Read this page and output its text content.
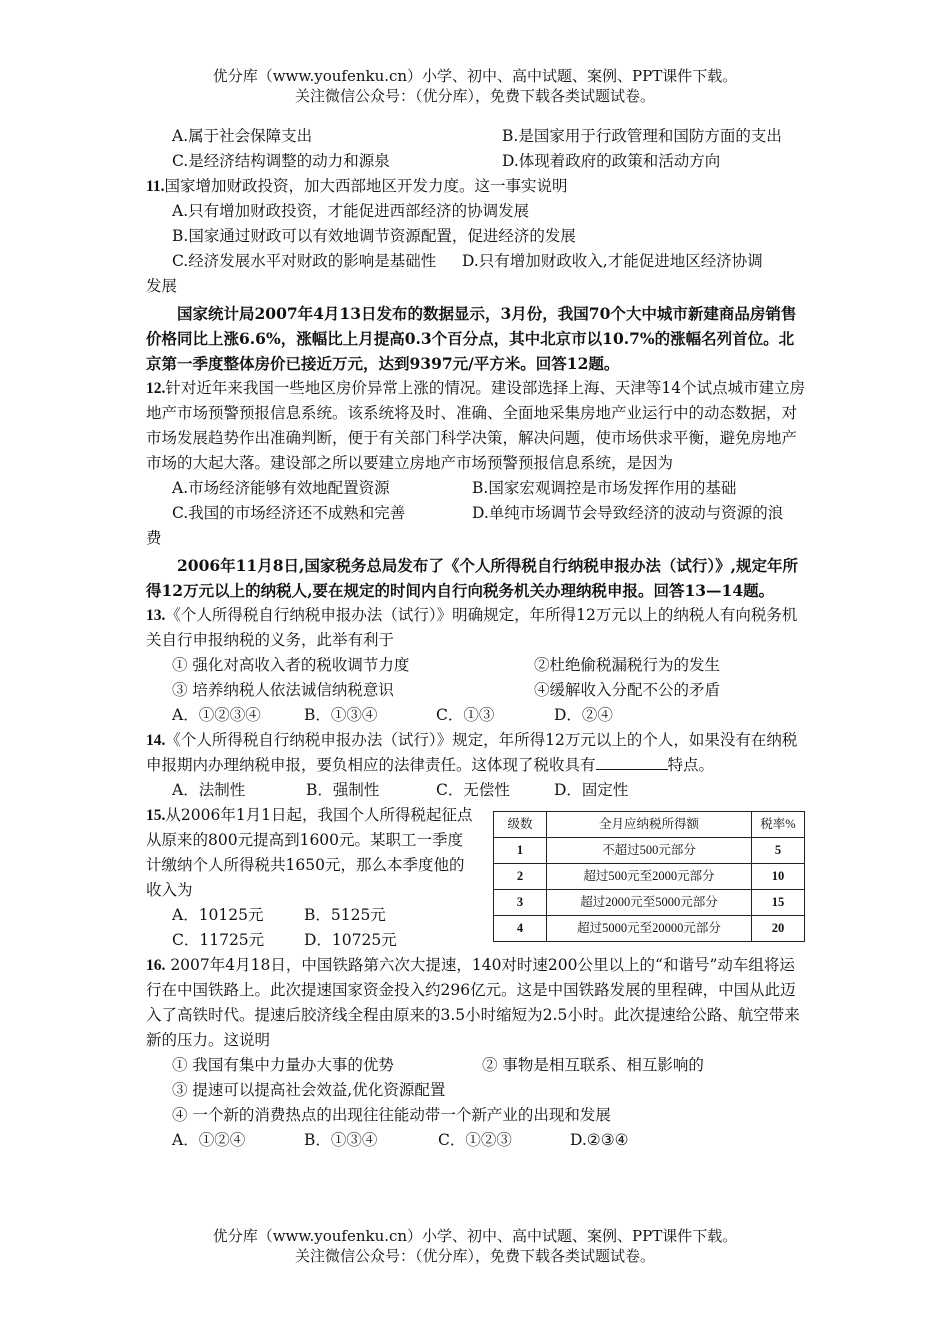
优分库（www.youfenku.cn）小学、初中、高中试题、案例、PPT课件下载。
关注微信公众号：（优分库），免费下载各类试题试卷。
A.属于社会保障支出	B.是国家用于行政管理和国防方面的支出
C.是经济结构调整的动力和源泉	D.体现着政府的政策和活动方向

11.国家增加财政投资，加大西部地区开发力度。这一事实说明

A.只有增加财政投资，才能促进西部经济的协调发展

B.国家通过财政可以有效地调节资源配置，促进经济的发展

C.经济发展水平对财政的影响是基础性	D.只有增加财政收入,才能促进地区经济协调

发展

国家统计局2007年4月13日发布的数据显示，3月份，我国70个大中城市新建商品房销售价格同比上涨6.6%，涨幅比上月提高0.3个百分点，其中北京市以10.7%的涨幅名列首位。北京第一季度整体房价已接近万元，达到9397元/平方米。回答12题。

12.针对近年来我国一些地区房价异常上涨的情况。建设部选择上海、天津等14个试点城市建立房地产市场预警预报信息系统。该系统将及时、准确、全面地采集房地产业运行中的动态数据，对市场发展趋势作出准确判断，便于有关部门科学决策，解决问题，使市场供求平衡，避免房地产市场的大起大落。建设部之所以要建立房地产市场预警预报信息系统，是因为

A.市场经济能够有效地配置资源	B.国家宏观调控是市场发挥作用的基础
C.我国的市场经济还不成熟和完善	D.单纯市场调节会导致经济的波动与资源的浪

费

2006年11月8日,国家税务总局发布了《个人所得税自行纳税申报办法（试行）》,规定年所得12万元以上的纳税人,要在规定的时间内自行向税务机关办理纳税申报。回答13—14题。

13.《个人所得税自行纳税申报办法（试行）》明确规定，年所得12万元以上的纳税人有向税务机关自行申报纳税的义务，此举有利于

① 强化对高收入者的税收调节力度	②杜绝偷税漏税行为的发生
③ 培养纳税人依法诚信纳税意识	④缓解收入分配不公的矛盾
A．①②③④	B．①③④	C．①③	D．②④

14.《个人所得税自行纳税申报办法（试行）》规定，年所得12万元以上的个人，如果没有在纳税申报期内办理纳税申报，要负相应的法律责任。这体现了税收具有	特点。

A．法制性	B．强制性	C．无偿性	D．固定性

15.从2006年1月1日起，我国个人所得税起征点从原来的800元提高到1600元。某职工一季度计缴纳个人所得税共1650元，那么本季度他的收入为

A．10125元	B．5125元
C．11725元	D．10725元
级数	全月应纳税所得额	税率%
1	不超过500元部分	5
2	超过500元至2000元部分	10
3	超过2000元至5000元部分	15
4	超过5000元至20000元部分	20

16. 2007年4月18日，中国铁路第六次大提速，140对时速200公里以上的“和谐号”动车组将运行在中国铁路上。此次提速国家资金投入约296亿元。这是中国铁路发展的里程碑，中国从此迈入了高铁时代。提速后胶济线全程由原来的3.5小时缩短为2.5小时。此次提速给公路、航空带来新的压力。这说明

① 我国有集中力量办大事的优势	② 事物是相互联系、相互影响的

③ 提速可以提高社会效益,优化资源配置

④ 一个新的消费热点的出现往往能动带一个新产业的出现和发展

A．①②④	B．①③④	C．①②③	D.②③④
优分库（www.youfenku.cn）小学、初中、高中试题、案例、PPT课件下载。
关注微信公众号：（优分库），免费下载各类试题试卷。
